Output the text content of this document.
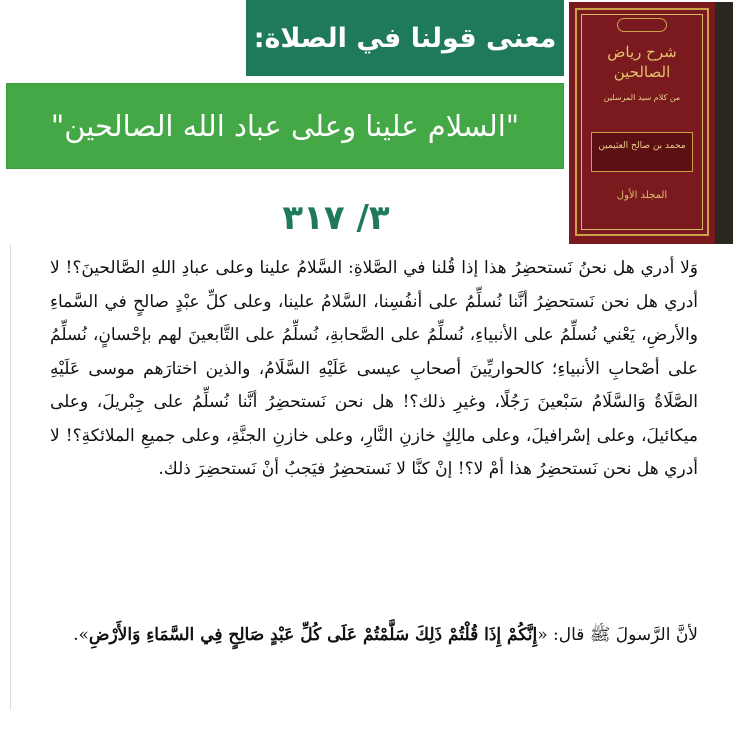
معنى قولنا في الصلاة:
"السلام علينا وعلى عباد الله الصالحين"
شرح رياض الصالحين
من كلام سيد المرسلين
محمد بن صالح العثيمين
المجلد الأول
٣/ ٣١٧

وَلا أدري هل نحنُ نَستحضِرُ هذا إذا قُلنا في الصَّلاةِ: السَّلامُ علينا وعلى عبادِ اللهِ الصَّالحينَ؟! لا أدري هل نحن نَستحضِرُ أنَّنا نُسلِّمُ على أنفُسِنا، السَّلامُ علينا، وعلى كلِّ عبْدٍ صالحٍ في السَّماءِ والأرضِ، يَعْني نُسلِّمُ على الأنبياءِ، نُسلِّمُ على الصَّحابةِ، نُسلِّمُ على التَّابعينَ لهم بإحْسانٍ، نُسلِّمُ على أصْحابِ الأنبياءِ؛ كالحواريِّينَ أصحابِ عيسى عَلَيْهِ السَّلَامُ، والذين اختارَهم موسى عَلَيْهِ الصَّلَاةُ وَالسَّلَامُ سَبْعينَ رَجُلًا، وغيرِ ذلك؟! هل نحن نَستحضِرُ أنَّنا نُسلِّمُ على جِبْريلَ، وعلى ميكائيلَ، وعلى إسْرافيلَ، وعلى مالِكٍ خازنِ النَّارِ، وعلى خازنِ الجنَّةِ، وعلى جميعِ الملائكةِ؟! لا أدري هل نحن نَستحضِرُ هذا أمْ لا؟! إنْ كنَّا لا نَستحضِرُ فيَجبُ أنْ نَستحضِرَ ذلك.

لأنَّ الرَّسولَ ﷺ قال: «إِنَّكُمْ إِذَا قُلْتُمْ ذَلِكَ سَلَّمْتُمْ عَلَى كُلِّ عَبْدٍ صَالِحٍ فِي السَّمَاءِ وَالأَرْضِ».
